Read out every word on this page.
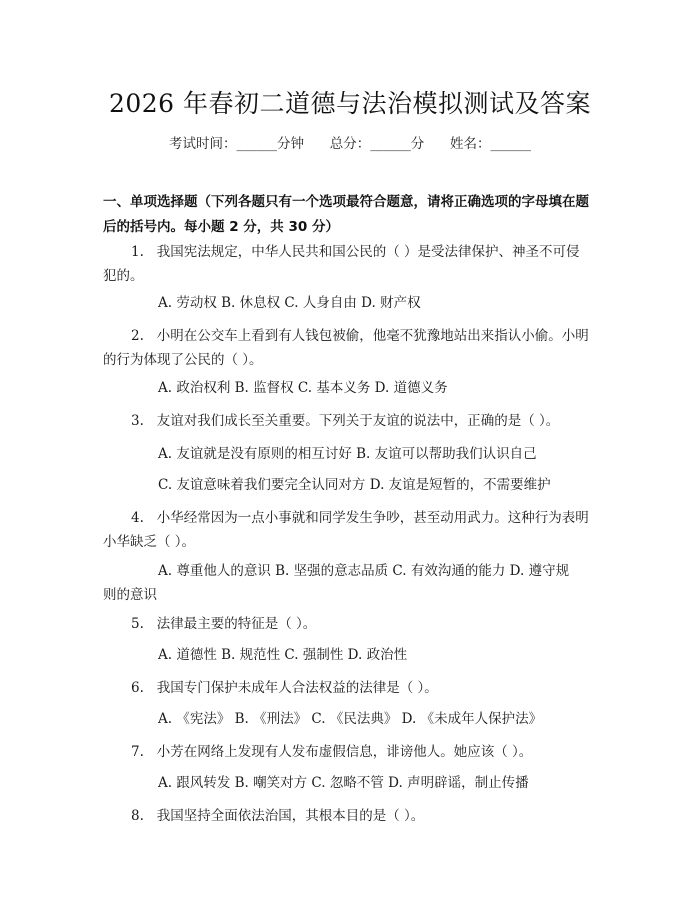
2026 年春初二道德与法治模拟测试及答案
考试时间：______分钟      总分：______分      姓名：______
一、单项选择题（下列各题只有一个选项最符合题意，请将正确选项的字母填在题后的括号内。每小题 2 分，共 30 分）
1.   我国宪法规定，中华人民共和国公民的（ ）是受法律保护、神圣不可侵
犯的。
A. 劳动权 B. 休息权 C. 人身自由 D. 财产权
2.   小明在公交车上看到有人钱包被偷，他毫不犹豫地站出来指认小偷。小明
的行为体现了公民的（ ）。
A. 政治权利 B. 监督权 C. 基本义务 D. 道德义务
3.   友谊对我们成长至关重要。下列关于友谊的说法中，正确的是（ ）。
A. 友谊就是没有原则的相互讨好 B. 友谊可以帮助我们认识自己
C. 友谊意味着我们要完全认同对方 D. 友谊是短暂的，不需要维护
4.   小华经常因为一点小事就和同学发生争吵，甚至动用武力。这种行为表明
小华缺乏（ ）。
A. 尊重他人的意识 B. 坚强的意志品质 C. 有效沟通的能力 D. 遵守规
则的意识
5.   法律最主要的特征是（ ）。
A. 道德性 B. 规范性 C. 强制性 D. 政治性
6.   我国专门保护未成年人合法权益的法律是（ ）。
A. 《宪法》 B. 《刑法》 C. 《民法典》 D. 《未成年人保护法》
7.   小芳在网络上发现有人发布虚假信息，诽谤他人。她应该（ ）。
A. 跟风转发 B. 嘲笑对方 C. 忽略不管 D. 声明辟谣，制止传播
8.   我国坚持全面依法治国，其根本目的是（ ）。
